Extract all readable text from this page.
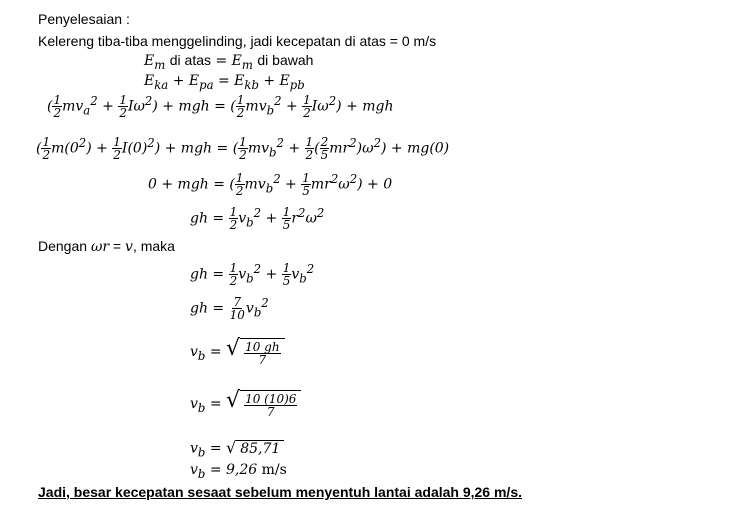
Penyelesaian :
Kelereng tiba-tiba menggelinding, jadi kecepatan di atas = 0 m/s
$E_m$ di atas = $E_m$ di bawah
$E_{ka} + E_{pa} = E_{kb} + E_{pb}$
( $\frac{1}{2} mv_a^2 + \frac{1}{2} I\omega^2$) + mgh = ( $\frac{1}{2} mv_b^2 + \frac{1}{2} I\omega^2$) + mgh
( $\frac{1}{2} m(0^2) + \frac{1}{2} I(0)^2$) + mgh = ( $\frac{1}{2} mv_b^2 + \frac{1}{2}$ ( $\frac{2}{5} mr^2)\omega^2) + mg(0)$
0 + mgh = ( $\frac{1}{2} mv_b^2 + \frac{1}{5} mr^2\omega^2) + 0$
gh = $\frac{1}{2} v_b^2 + \frac{1}{5} r^2\omega^2$
Dengan ωr = v, maka
gh = $\frac{1}{2} v_b^2 + \frac{1}{5} v_b^2$
gh = $\frac{7}{10} v_b^2$
$v_b$ = √ $\frac{10 gh}{7}$
$v_b$ = √ $\frac{10 (10)6}{7}$
$v_b$ = √ 85,71
$v_b = 9,26$ m/s
Jadi, besar kecepatan sesaat sebelum menyentuh lantai adalah 9,26 m/s.
